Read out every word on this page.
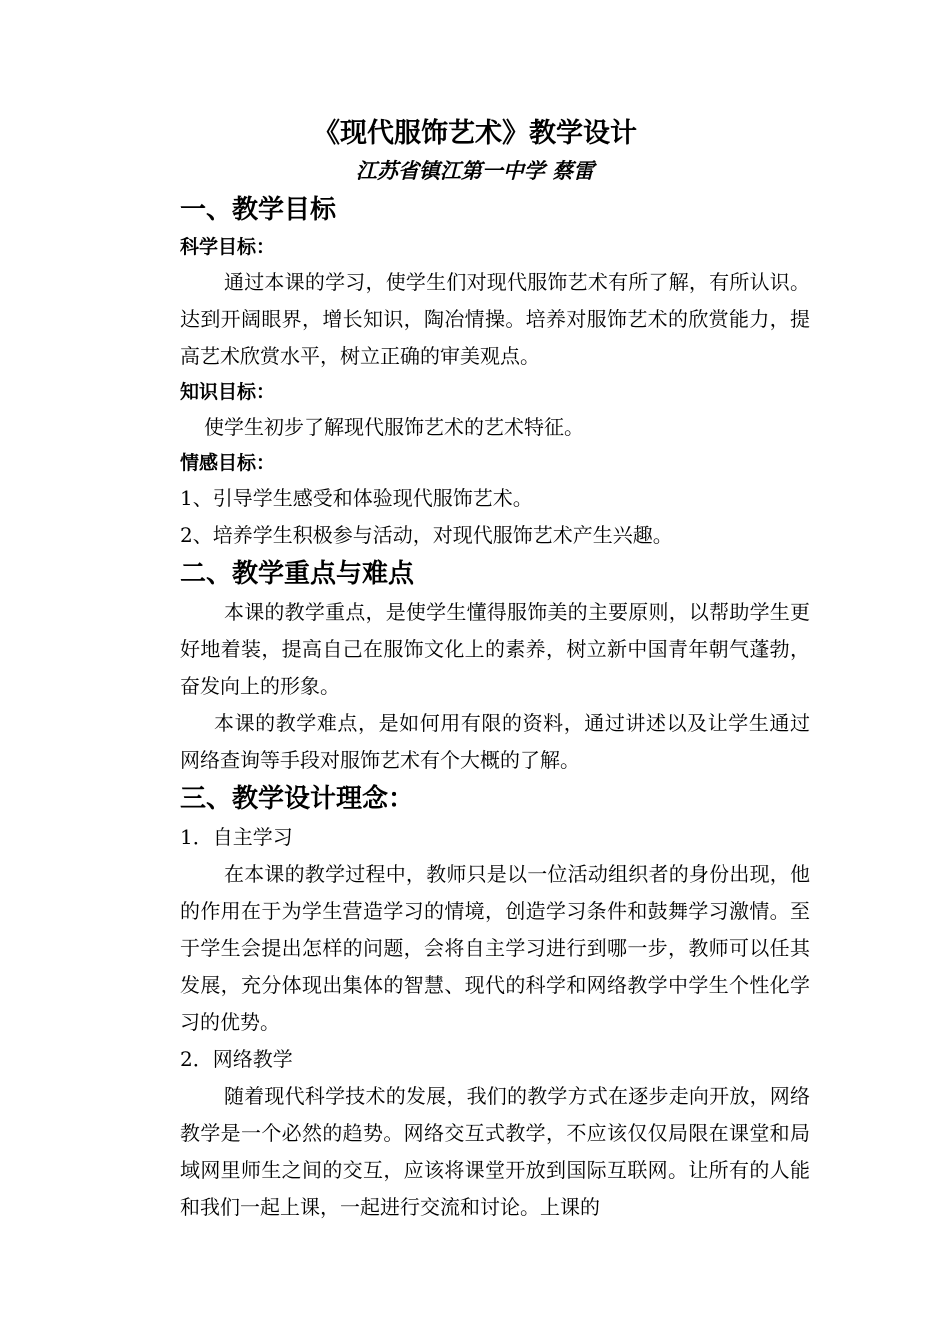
《现代服饰艺术》教学设计
江苏省镇江第一中学 蔡雷
一、教学目标
科学目标：

通过本课的学习，使学生们对现代服饰艺术有所了解，有所认识。达到开阔眼界，增长知识，陶冶情操。培养对服饰艺术的欣赏能力，提高艺术欣赏水平，树立正确的审美观点。

知识目标：

使学生初步了解现代服饰艺术的艺术特征。

情感目标：

1、引导学生感受和体验现代服饰艺术。

2、培养学生积极参与活动，对现代服饰艺术产生兴趣。

二、教学重点与难点

本课的教学重点，是使学生懂得服饰美的主要原则，以帮助学生更好地着装，提高自己在服饰文化上的素养，树立新中国青年朝气蓬勃，奋发向上的形象。

本课的教学难点，是如何用有限的资料，通过讲述以及让学生通过网络查询等手段对服饰艺术有个大概的了解。

三、教学设计理念：

1．自主学习

在本课的教学过程中，教师只是以一位活动组织者的身份出现，他的作用在于为学生营造学习的情境，创造学习条件和鼓舞学习激情。至于学生会提出怎样的问题，会将自主学习进行到哪一步，教师可以任其发展，充分体现出集体的智慧、现代的科学和网络教学中学生个性化学习的优势。

2．网络教学

随着现代科学技术的发展，我们的教学方式在逐步走向开放，网络教学是一个必然的趋势。网络交互式教学，不应该仅仅局限在课堂和局域网里师生之间的交互，应该将课堂开放到国际互联网。让所有的人能和我们一起上课，一起进行交流和讨论。上课的
